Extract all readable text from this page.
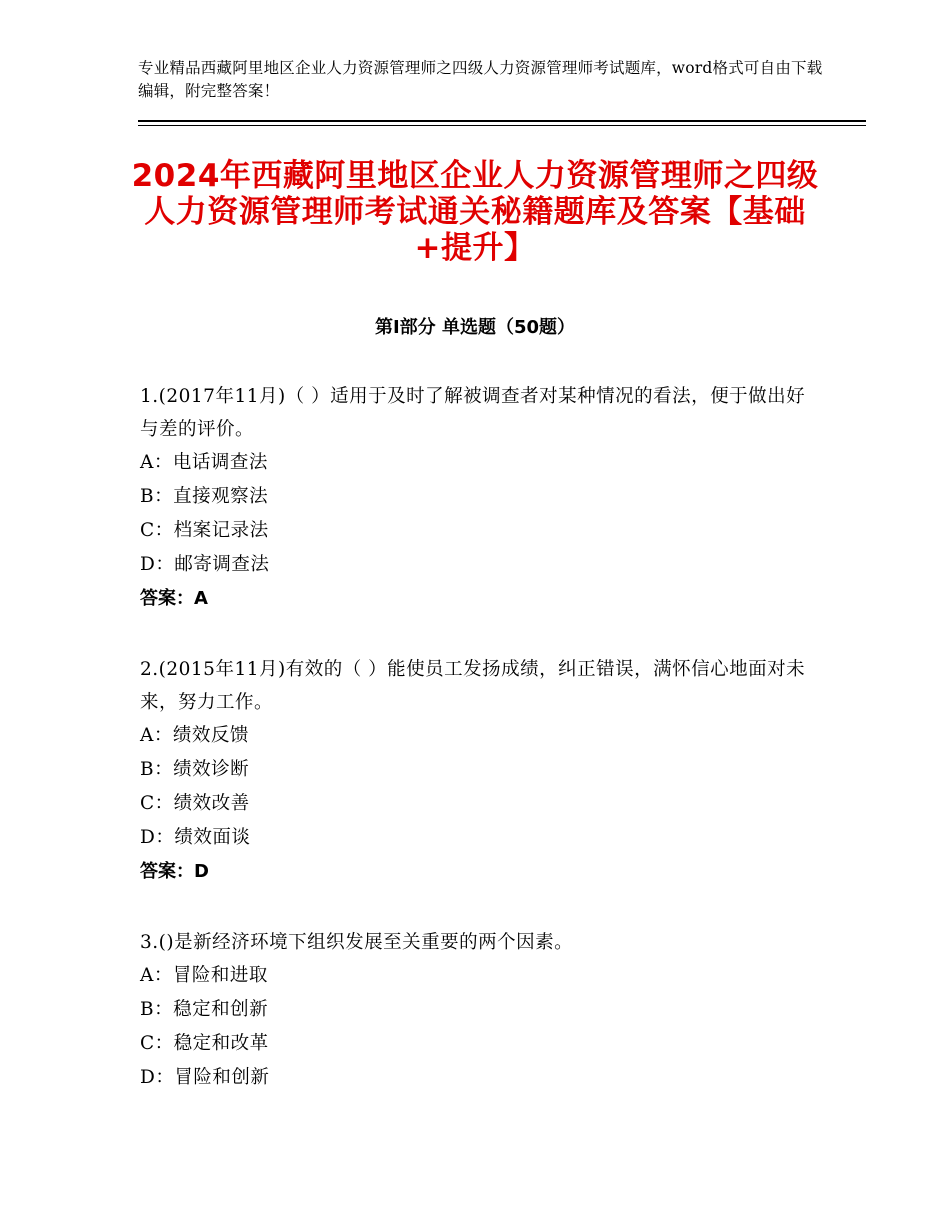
专业精品西藏阿里地区企业人力资源管理师之四级人力资源管理师考试题库，word格式可自由下载编辑，附完整答案！
2024年西藏阿里地区企业人力资源管理师之四级人力资源管理师考试通关秘籍题库及答案【基础+提升】
第Ⅰ部分 单选题（50题）

1.(2017年11月)（ ）适用于及时了解被调查者对某种情况的看法，便于做出好与差的评价。

A：电话调查法

B：直接观察法

C：档案记录法

D：邮寄调查法

答案：A

2.(2015年11月)有效的（ ）能使员工发扬成绩，纠正错误，满怀信心地面对未来，努力工作。

A：绩效反馈

B：绩效诊断

C：绩效改善

D：绩效面谈

答案：D

3.()是新经济环境下组织发展至关重要的两个因素。

A：冒险和进取

B：稳定和创新

C：稳定和改革

D：冒险和创新
